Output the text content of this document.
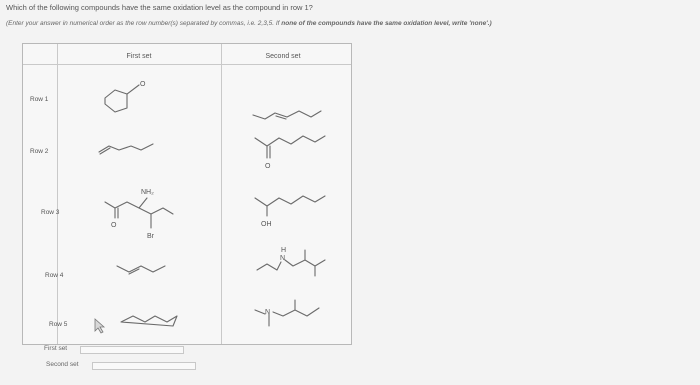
Which of the following compounds have the same oxidation level as the compound in row 1?
(Enter your answer in numerical order as the row number(s) separated by commas, i.e. 2,3,5. If none of the compounds have the same oxidation level, write 'none'.)
First set	Second set
Row 1
Row 2
Row 3
Row 4
Row 5
O
O
NH₂
O
Br
OH
N
H
N
First set
Second set
